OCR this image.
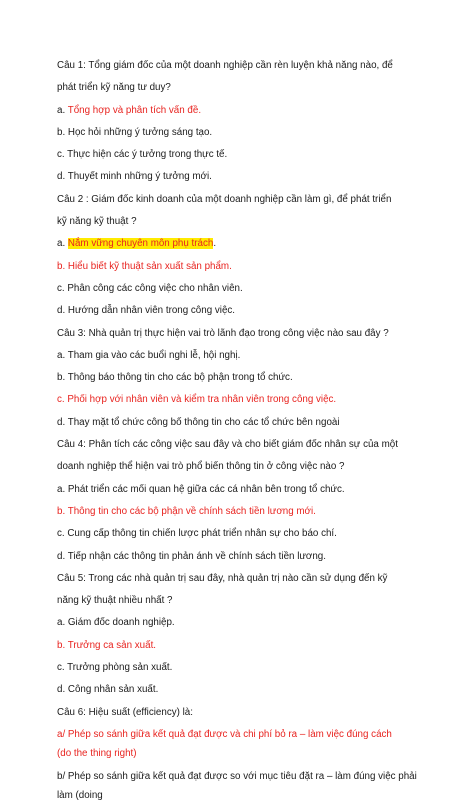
Câu 1: Tổng giám đốc của một doanh nghiệp cần rèn luyện khả năng nào, để
phát triển kỹ năng tư duy?
a. Tổng hợp và phân tích vấn đề.
b. Học hỏi những ý tưởng sáng tạo.
c. Thực hiện các ý tưởng trong thực tế.
d. Thuyết minh những ý tưởng mới.
Câu 2 : Giám đốc kinh doanh của một doanh nghiệp cần làm gì, để phát triển
kỹ năng kỹ thuật ?
a. Nắm vững chuyên môn phụ trách.
b. Hiểu biết kỹ thuật sản xuất sản phẩm.
c. Phân công các công việc cho nhân viên.
d. Hướng dẫn nhân viên trong công việc.
Câu 3: Nhà quản trị thực hiện vai trò lãnh đạo trong công việc nào sau đây ?
a. Tham gia vào các buổi nghi lễ, hội nghị.
b. Thông báo thông tin cho các bộ phận trong tổ chức.
c. Phối hợp với nhân viên và kiểm tra nhân viên trong công việc.
d. Thay mặt tổ chức công bố thông tin cho các tổ chức bên ngoài
Câu 4: Phân tích các công việc sau đây và cho biết giám đốc nhân sự của một
doanh nghiệp thể hiện vai trò phổ biến thông tin ở công việc nào ?
a. Phát triển các mối quan hệ giữa các cá nhân bên trong tổ chức.
b. Thông tin cho các bộ phận về chính sách tiền lương mới.
c. Cung cấp thông tin chiến lược phát triển nhân sự cho báo chí.
d. Tiếp nhận các thông tin phản ánh về chính sách tiền lương.
Câu 5: Trong các nhà quản trị sau đây, nhà quản trị nào cần sử dụng đến kỹ
năng kỹ thuật nhiều nhất ?
a. Giám đốc doanh nghiệp.
b. Trưởng ca sản xuất.
c. Trưởng phòng sản xuất.
d. Công nhân sản xuất.
Câu 6: Hiệu suất (efficiency) là:
a/ Phép so sánh giữa kết quả đạt được và chi phí bỏ ra – làm việc đúng cách
(do the thing right)
b/ Phép so sánh giữa kết quả đạt được so với mục tiêu đặt ra – làm đúng việc phải
làm (doing
